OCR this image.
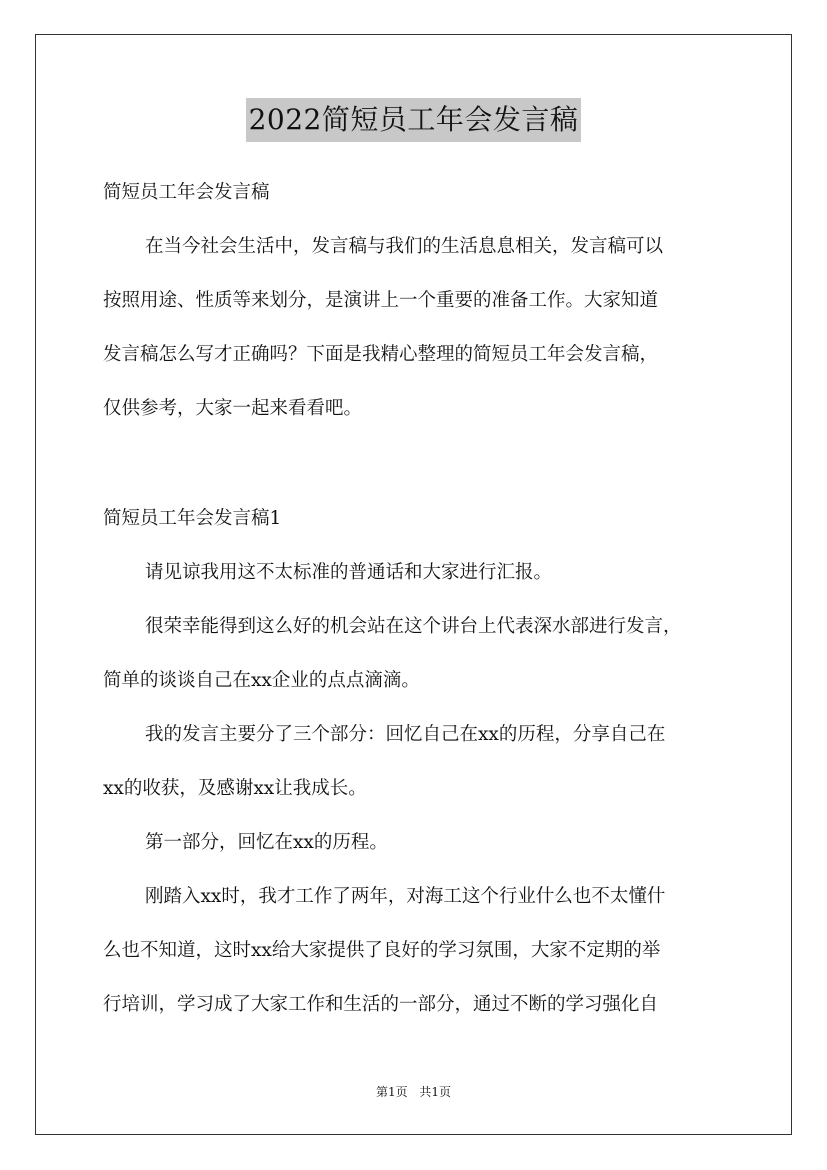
2022简短员工年会发言稿
简短员工年会发言稿
在当今社会生活中，发言稿与我们的生活息息相关，发言稿可以
按照用途、性质等来划分，是演讲上一个重要的准备工作。大家知道
发言稿怎么写才正确吗？下面是我精心整理的简短员工年会发言稿，
仅供参考，大家一起来看看吧。
简短员工年会发言稿1
请见谅我用这不太标准的普通话和大家进行汇报。
很荣幸能得到这么好的机会站在这个讲台上代表深水部进行发言，
简单的谈谈自己在xx企业的点点滴滴。
我的发言主要分了三个部分：回忆自己在xx的历程，分享自己在
xx的收获，及感谢xx让我成长。
第一部分，回忆在xx的历程。
刚踏入xx时，我才工作了两年，对海工这个行业什么也不太懂什
么也不知道，这时xx给大家提供了良好的学习氛围，大家不定期的举
行培训，学习成了大家工作和生活的一部分，通过不断的学习强化自
第1页 共1页
